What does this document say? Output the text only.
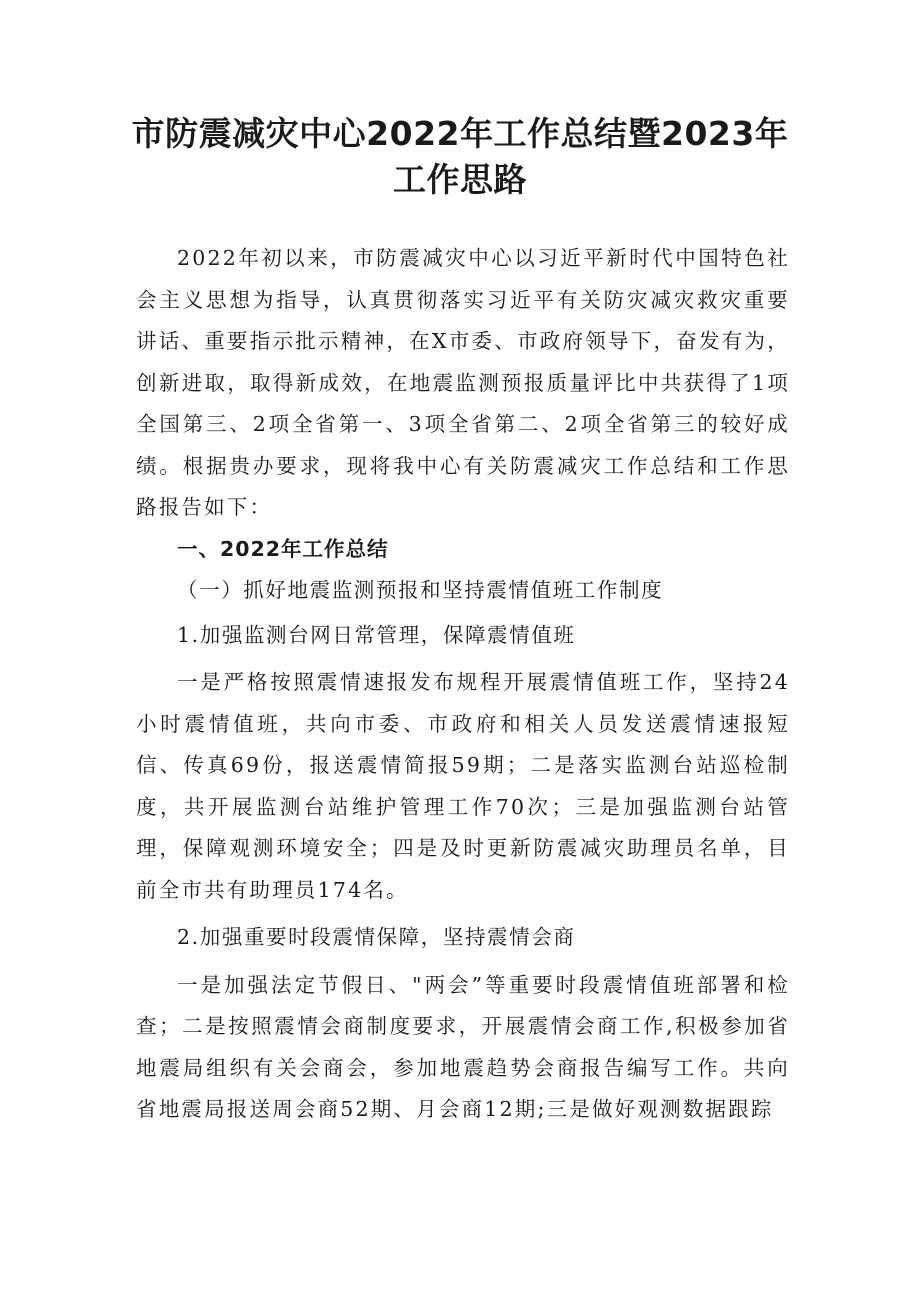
市防震减灾中心2022年工作总结暨2023年
工作思路

2022年初以来，市防震减灾中心以习近平新时代中国特色社会主义思想为指导，认真贯彻落实习近平有关防灾减灾救灾重要讲话、重要指示批示精神，在X市委、市政府领导下，奋发有为，创新进取，取得新成效，在地震监测预报质量评比中共获得了1项全国第三、2项全省第一、3项全省第二、2项全省第三的较好成绩。根据贵办要求，现将我中心有关防震减灾工作总结和工作思路报告如下：

一、2022年工作总结

（一）抓好地震监测预报和坚持震情值班工作制度

1.加强监测台网日常管理，保障震情值班

一是严格按照震情速报发布规程开展震情值班工作，坚持24小时震情值班，共向市委、市政府和相关人员发送震情速报短信、传真69份，报送震情简报59期；二是落实监测台站巡检制度，共开展监测台站维护管理工作70次；三是加强监测台站管理，保障观测环境安全；四是及时更新防震减灾助理员名单，目前全市共有助理员174名。

2.加强重要时段震情保障，坚持震情会商

一是加强法定节假日、"两会”等重要时段震情值班部署和检查；二是按照震情会商制度要求，开展震情会商工作,积极参加省地震局组织有关会商会，参加地震趋势会商报告编写工作。共向省地震局报送周会商52期、月会商12期;三是做好观测数据跟踪
